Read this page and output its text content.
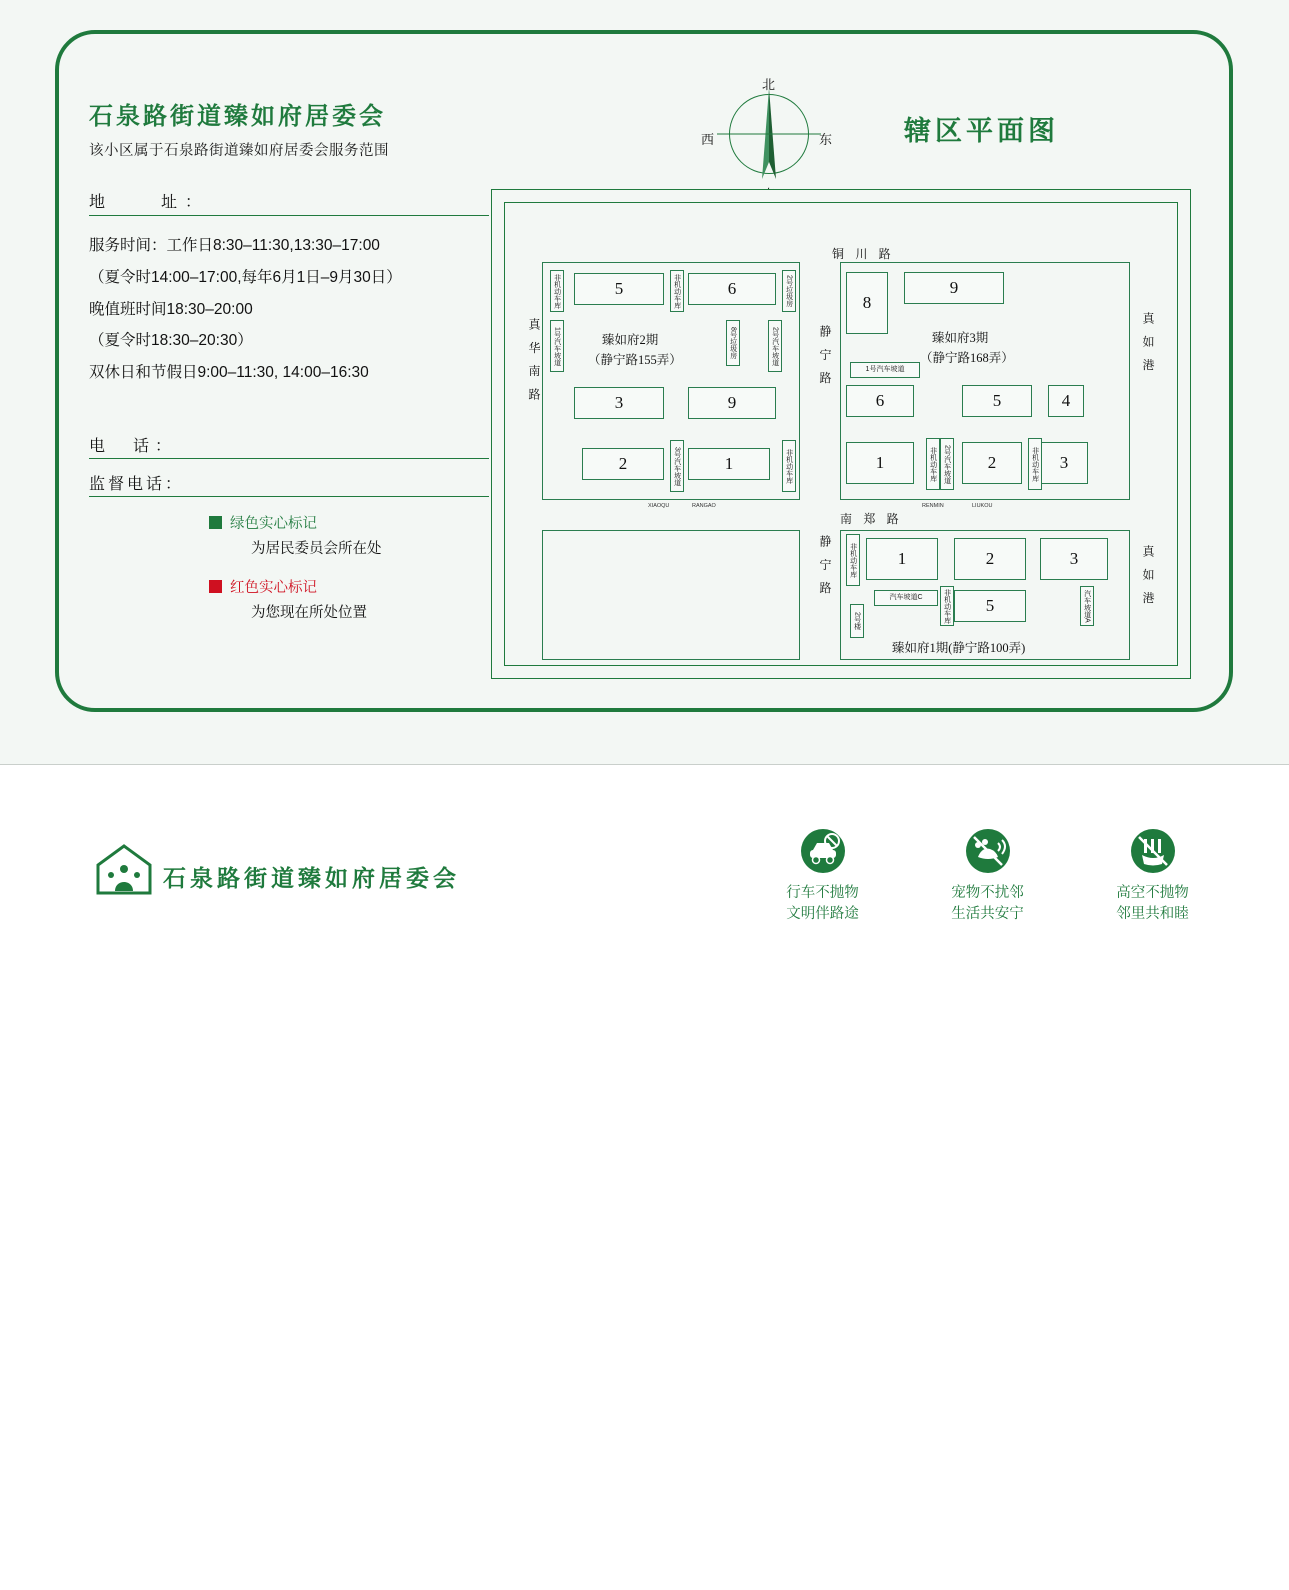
石泉路街道臻如府居委会
该小区属于石泉路街道臻如府居委会服务范围
地　　址：
服务时间：工作日8:30–11:30,13:30–17:00
（夏令时14:00–17:00,每年6月1日–9月30日）
晚值班时间18:30–20:00
（夏令时18:30–20:30）
双休日和节假日9:00–11:30, 14:00–16:30
电　话：
监督电话：
绿色实心标记
为居民委员会所在处
红色实心标记
为您现在所处位置
北
西	东	辖区平面图
铜 川 路
真 华 南 路	真 如 港
真 如 港
南 郑 路
静 宁 路
静 宁 路
5	6
3	9
2	1
臻如府2期
（静宁路155弄）
非机动车库	非机动车库	2号垃圾房
1号汽车坡道	8号垃圾房	2号汽车坡道
3号汽车坡道	非机动车库
8
9
6	5	4
1	2	3
臻如府3期
（静宁路168弄）
1号汽车坡道
非机动车库	2号汽车坡道	非机动车库
1	2	3
5
非机动车库
汽车坡道C	非机动车库	汽车坡道A
2号楼
臻如府1期(静宁路100弄)
XIAOQU	RANGAO	RENMIN	LIUKOU
石泉路街道臻如府居委会
行车不抛物
文明伴路途
宠物不扰邻
生活共安宁
高空不抛物
邻里共和睦
